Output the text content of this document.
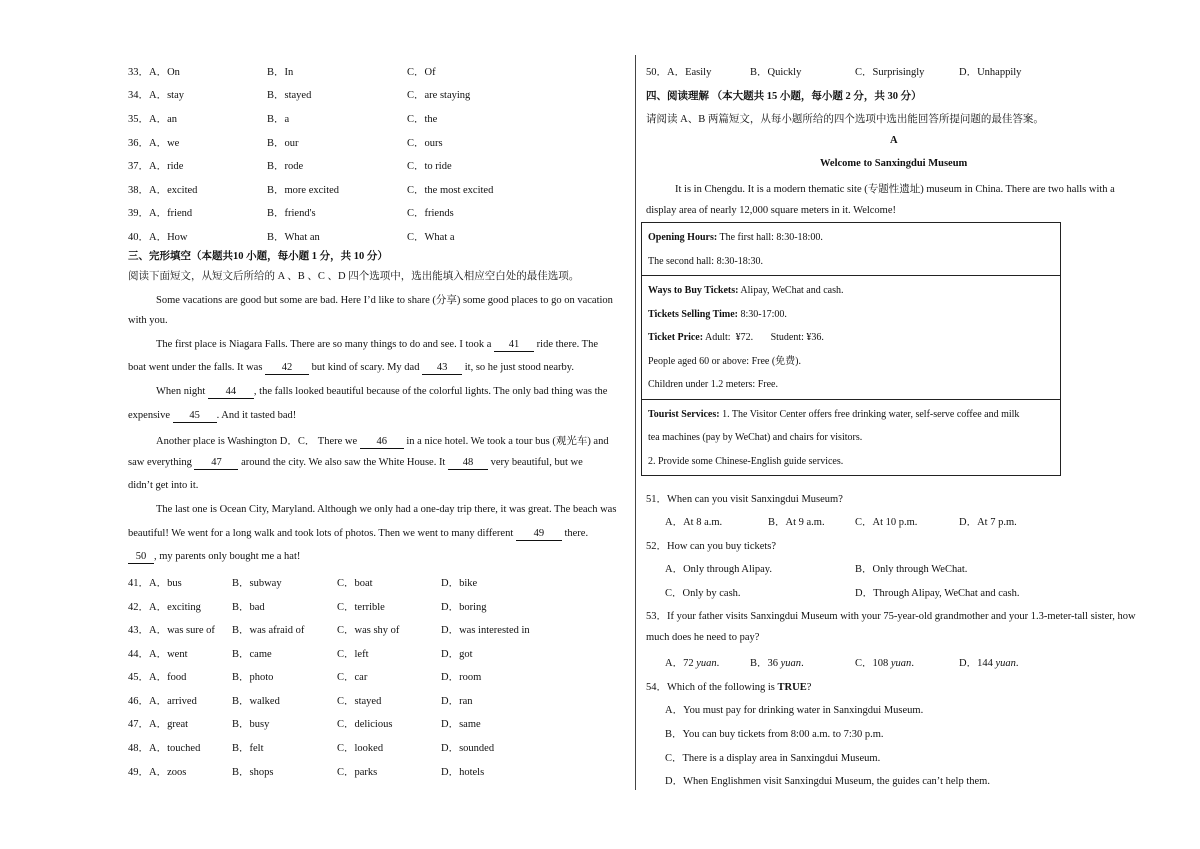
33．A．On	B．In	C．Of
34．A．stay	B．stayed	C．are staying
35．A．an	B．a	C．the
36．A．we	B．our	C．ours
37．A．ride	B．rode	C．to ride
38．A．excited	B．more excited	C．the most excited
39．A．friend	B．friend's	C．friends
40．A．How	B．What an	C．What a
三、完形填空（本题共10 小题，每小题 1 分，共 10 分）
阅读下面短文，从短文后所给的 A 、B 、C 、D 四个选项中，选出能填入相应空白处的最佳选项。
Some vacations are good but some are bad. Here I’d like to share (分享) some good places to go on vacation
with you.
The first place is Niagara Falls. There are so many things to do and see. I took a 41 ride there. The
boat went under the falls. It was 42 but kind of scary. My dad 43 it, so he just stood nearby.
When night 44 , the falls looked beautiful because of the colorful lights. The only bad thing was the
expensive 45 . And it tasted bad!
Another place is Washington D．C． There we 46 in a nice hotel. We took a tour bus (观光车) and
saw everything 47 around the city. We also saw the White House. It 48 very beautiful, but we
didn’t get into it.
The last one is Ocean City, Maryland. Although we only had a one-day trip there, it was great. The beach was
beautiful! We went for a long walk and took lots of photos. Then we went to many different 49 there.
50 , my parents only bought me a hat!
41．A．bus	B．subway	C．boat	D．bike
42．A．exciting	B．bad	C．terrible	D．boring
43．A．was sure of B．was afraid of	C．was shy of	D．was interested in
44．A．went	B．came	C．left	D．got
45．A．food	B．photo	C．car	D．room
46．A．arrived	B．walked	C．stayed	D．ran
47．A．great	B．busy	C．delicious	D．same
48．A．touched	B．felt	C．looked	D．sounded
49．A．zoos	B．shops	C．parks	D．hotels
50．A．Easily	B．Quickly	C．Surprisingly	D．Unhappily
四、阅读理解 （本大题共 15 小题，每小题 2 分，共 30 分）
请阅读 A、B 两篇短文，从每小题所给的四个选项中选出能回答所提问题的最佳答案。
A
Welcome to Sanxingdui Museum
It is in Chengdu. It is a modern thematic site (专题性遗址) museum in China. There are two halls with a
display area of nearly 12,000 square meters in it. Welcome!
Opening Hours: The first hall: 8:30-18:00.
The second hall: 8:30-18:30.
Ways to Buy Tickets: Alipay, WeChat and cash.
Tickets Selling Time: 8:30-17:00.
Ticket Price: Adult:  ¥72.       Student: ¥36.
People aged 60 or above: Free (免费).
Children under 1.2 meters: Free.
Tourist Services: 1. The Visitor Center offers free drinking water, self-serve coffee and milk
tea machines (pay by WeChat) and chairs for visitors.
2. Provide some Chinese-English guide services.
51．When can you visit Sanxingdui Museum?
A．At 8 a.m.	B．At 9 a.m.	C．At 10 p.m.	D．At 7 p.m.
52．How can you buy tickets?
A．Only through Alipay.	B．Only through WeChat.
C．Only by cash.	D．Through Alipay, WeChat and cash.
53．If your father visits Sanxingdui Museum with your 75-year-old grandmother and your 1.3-meter-tall sister, how
much does he need to pay?
A．72 yuan.	B．36 yuan.	C．108 yuan.	D．144 yuan.
54．Which of the following is TRUE?
A．You must pay for drinking water in Sanxingdui Museum.
B．You can buy tickets from 8:00 a.m. to 7:30 p.m.
C．There is a display area in Sanxingdui Museum.
D．When Englishmen visit Sanxingdui Museum, the guides can’t help them.
